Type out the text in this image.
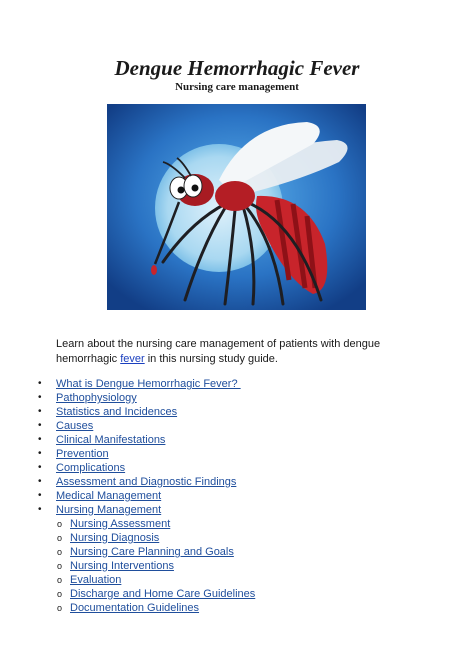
Dengue Hemorrhagic Fever
Nursing care management
Learn about the nursing care management of patients with dengue hemorrhagic fever in this nursing study guide.
• What is Dengue Hemorrhagic Fever?
• Pathophysiology
• Statistics and Incidences
• Causes
• Clinical Manifestations
• Prevention
• Complications
• Assessment and Diagnostic Findings
• Medical Management
• Nursing Management
o Nursing Assessment
o Nursing Diagnosis
o Nursing Care Planning and Goals
o Nursing Interventions
o Evaluation
o Discharge and Home Care Guidelines
o Documentation Guidelines
